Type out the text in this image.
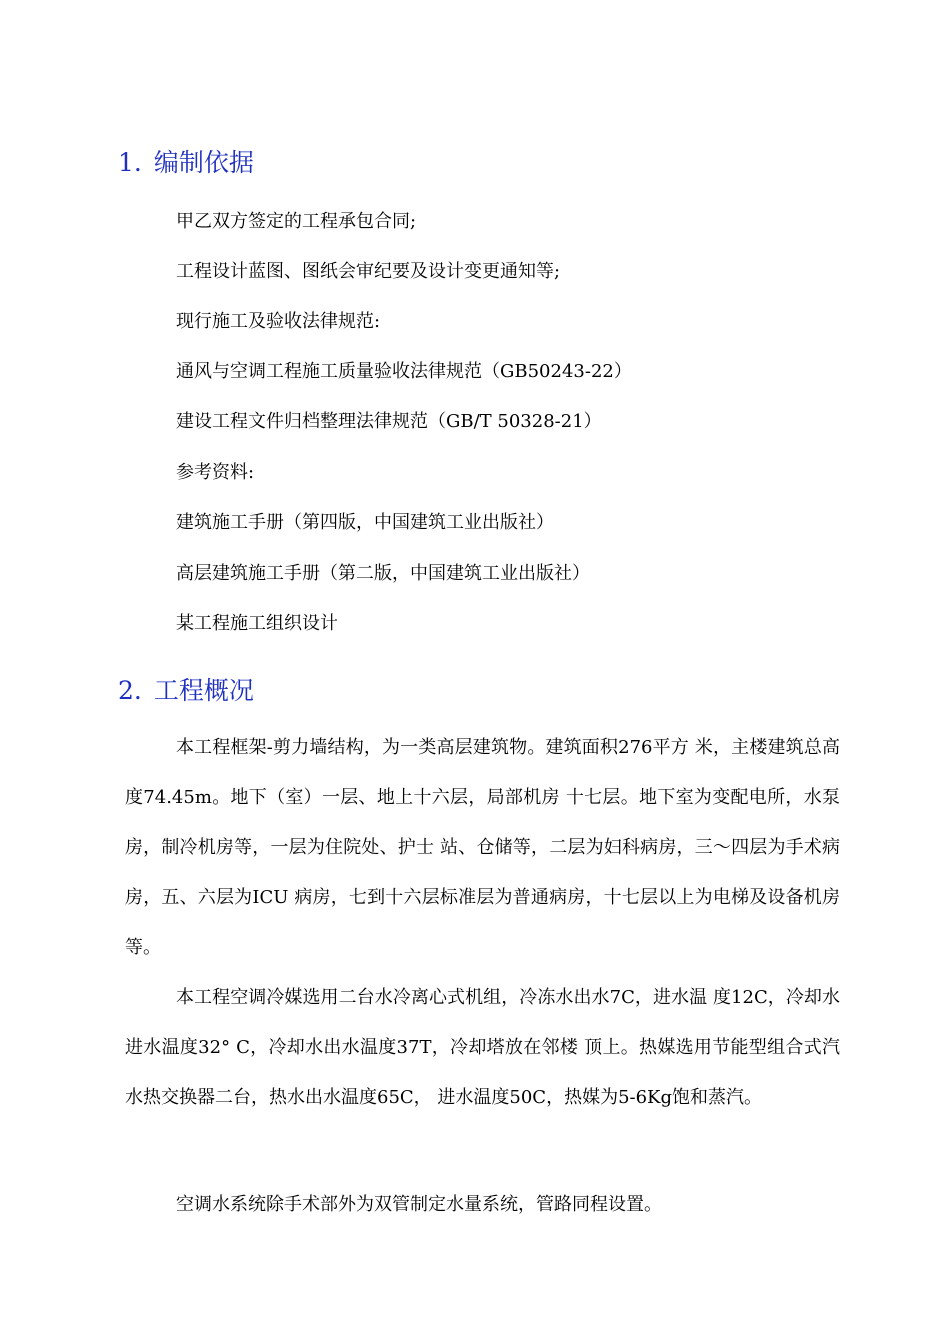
1. 编制依据
甲乙双方签定的工程承包合同;
工程设计蓝图、图纸会审纪要及设计变更通知等;
现行施工及验收法律规范:
通风与空调工程施工质量验收法律规范（GB50243-22）
建设工程文件归档整理法律规范（GB/T 50328-21）
参考资料:
建筑施工手册（第四版，中国建筑工业出版社）
高层建筑施工手册（第二版，中国建筑工业出版社）
某工程施工组织设计
2. 工程概况

本工程框架-剪力墙结构，为一类高层建筑物。建筑面积276平方 米，主楼建筑总高度74.45m。地下（室）一层、地上十六层，局部机房 十七层。地下室为变配电所，水泵房，制冷机房等，一层为住院处、护士 站、仓储等，二层为妇科病房，三〜四层为手术病房，五、六层为ICU 病房，七到十六层标准层为普通病房，十七层以上为电梯及设备机房等。

本工程空调冷媒选用二台水冷离心式机组，冷冻水出水7C，进水温 度12C，冷却水进水温度32° C，冷却水出水温度37T，冷却塔放在邻楼 顶上。热媒选用节能型组合式汽水热交换器二台，热水出水温度65C， 进水温度50C，热媒为5-6Kg饱和蒸汽。

空调水系统除手术部外为双管制定水量系统，管路同程设置。
